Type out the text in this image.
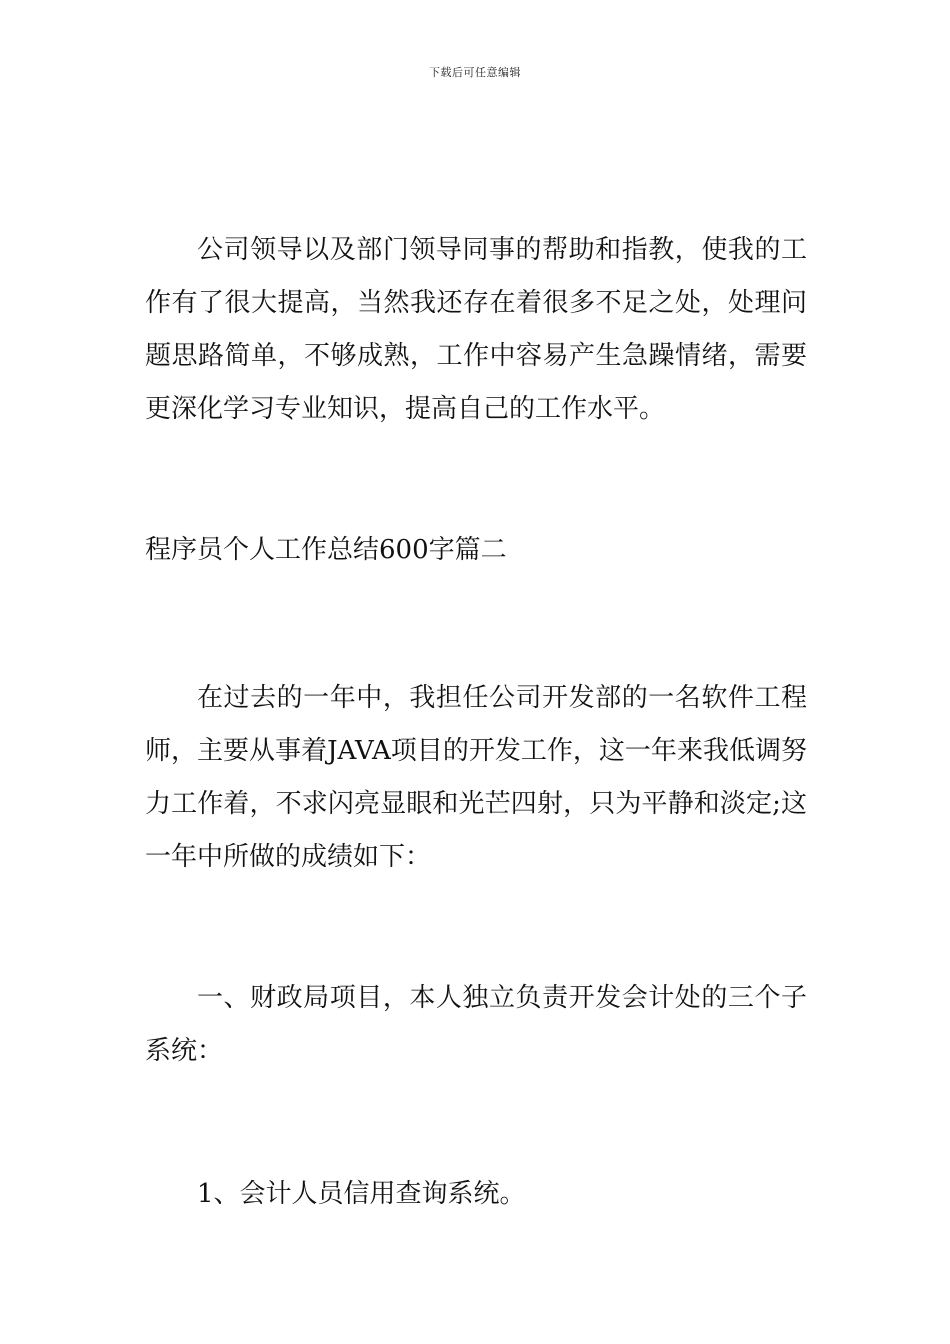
下载后可任意编辑

公司领导以及部门领导同事的帮助和指教，使我的工作有了很大提高，当然我还存在着很多不足之处，处理问题思路简单，不够成熟，工作中容易产生急躁情绪，需要更深化学习专业知识，提高自己的工作水平。

程序员个人工作总结600字篇二

在过去的一年中，我担任公司开发部的一名软件工程师，主要从事着JAVA项目的开发工作，这一年来我低调努力工作着，不求闪亮显眼和光芒四射，只为平静和淡定;这一年中所做的成绩如下：

一、财政局项目，本人独立负责开发会计处的三个子系统：

1、会计人员信用查询系统。
